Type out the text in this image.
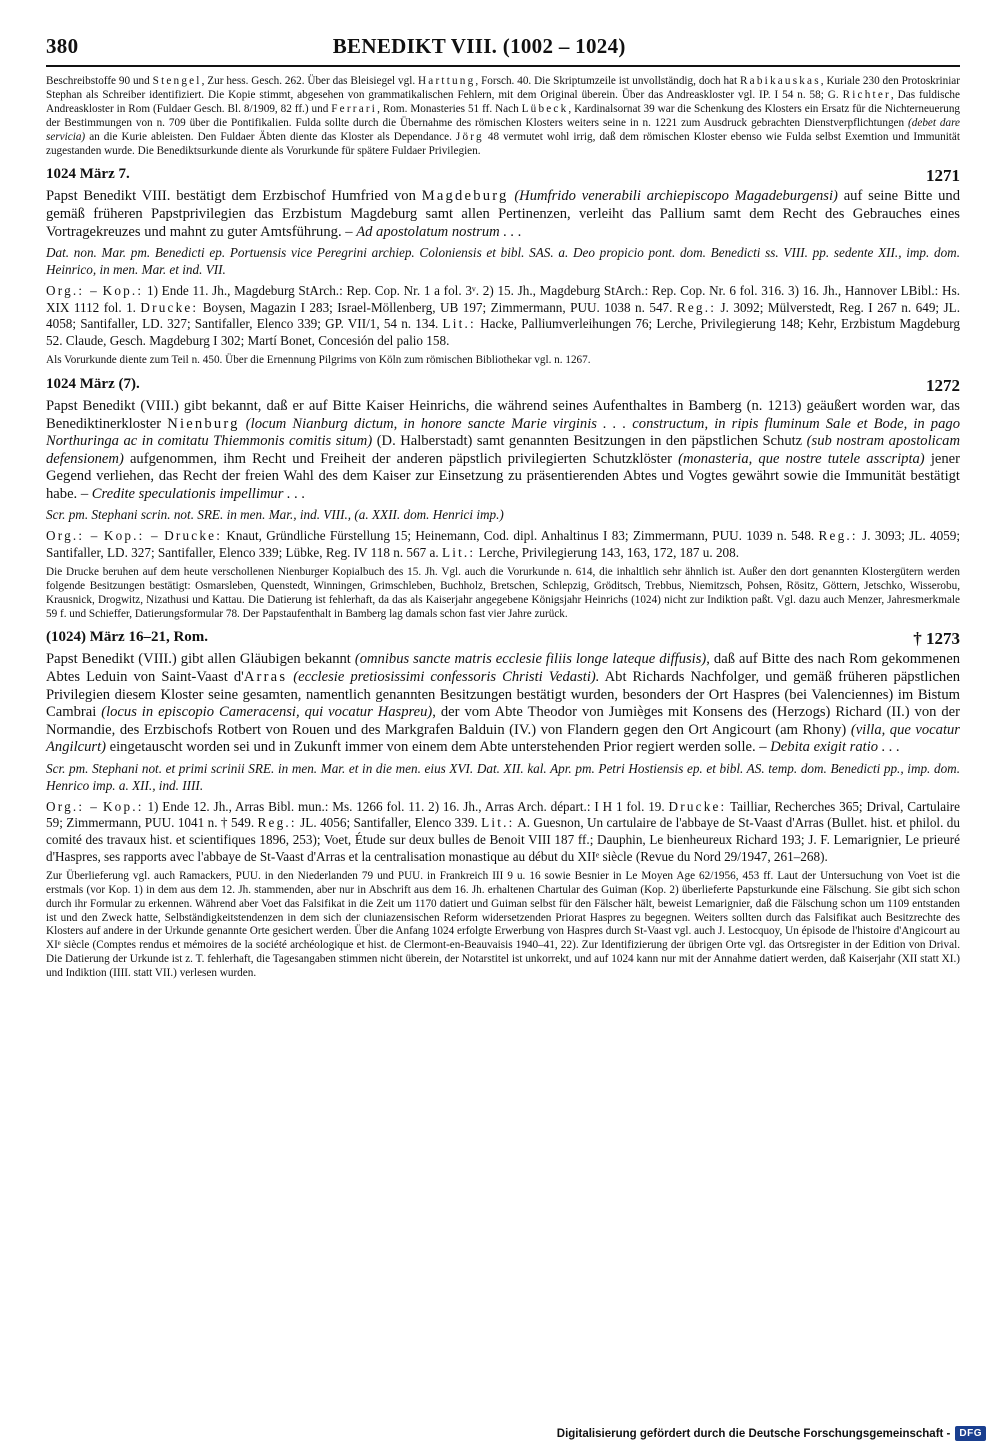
380	BENEDIKT VIII. (1002 – 1024)

Beschreibstoffe 90 und Stengel, Zur hess. Gesch. 262. Über das Bleisiegel vgl. Harttung, Forsch. 40. Die Skriptumzeile ist unvollständig, doch hat Rabikauskas, Kuriale 230 den Protoskriniar Stephan als Schreiber identifiziert. Die Kopie stimmt, abgesehen von grammatikalischen Fehlern, mit dem Original überein. Über das Andreaskloster vgl. IP. I 54 n. 58; G. Richter, Das fuldische Andreaskloster in Rom (Fuldaer Gesch. Bl. 8/1909, 82 ff.) und Ferrari, Rom. Monasteries 51 ff. Nach Lübeck, Kardinalsornat 39 war die Schenkung des Klosters ein Ersatz für die Nichterneuerung der Bestimmungen von n. 709 über die Pontifikalien. Fulda sollte durch die Übernahme des römischen Klosters weiters seine in n. 1221 zum Ausdruck gebrachten Dienstverpflichtungen (debet dare servicia) an die Kurie ableisten. Den Fuldaer Äbten diente das Kloster als Dependance. Jörg 48 vermutet wohl irrig, daß dem römischen Kloster ebenso wie Fulda selbst Exemtion und Immunität zugestanden wurde. Die Benediktsurkunde diente als Vorurkunde für spätere Fuldaer Privilegien.

1024 März 7.	1271

Papst Benedikt VIII. bestätigt dem Erzbischof Humfried von Magdeburg (Humfrido venerabili archiepiscopo Magadeburgensi) auf seine Bitte und gemäß früheren Papstprivilegien das Erzbistum Magdeburg samt allen Pertinenzen, verleiht das Pallium samt dem Recht des Gebrauches eines Vortragekreuzes und mahnt zu guter Amtsführung. – Ad apostolatum nostrum . . .

Dat. non. Mar. pm. Benedicti ep. Portuensis vice Peregrini archiep. Coloniensis et bibl. SAS. a. Deo propicio pont. dom. Benedicti ss. VIII. pp. sedente XII., imp. dom. Heinrico, in men. Mar. et ind. VII.

Org.: – Kop.: 1) Ende 11. Jh., Magdeburg StArch.: Rep. Cop. Nr. 1 a fol. 3ᵛ. 2) 15. Jh., Magdeburg StArch.: Rep. Cop. Nr. 6 fol. 316. 3) 16. Jh., Hannover LBibl.: Hs. XIX 1112 fol. 1. Drucke: Boysen, Magazin I 283; Israel-Möllenberg, UB 197; Zimmermann, PUU. 1038 n. 547. Reg.: J. 3092; Mülverstedt, Reg. I 267 n. 649; JL. 4058; Santifaller, LD. 327; Santifaller, Elenco 339; GP. VII/1, 54 n. 134. Lit.: Hacke, Palliumverleihungen 76; Lerche, Privilegierung 148; Kehr, Erzbistum Magdeburg 52. Claude, Gesch. Magdeburg I 302; Martí Bonet, Concesión del palio 158.

Als Vorurkunde diente zum Teil n. 450. Über die Ernennung Pilgrims von Köln zum römischen Bibliothekar vgl. n. 1267.

1024 März (7).	1272

Papst Benedikt (VIII.) gibt bekannt, daß er auf Bitte Kaiser Heinrichs, die während seines Aufenthaltes in Bamberg (n. 1213) geäußert worden war, das Benediktinerkloster Nienburg (locum Nianburg dictum, in honore sancte Marie virginis . . . constructum, in ripis fluminum Sale et Bode, in pago Northuringa ac in comitatu Thiemmonis comitis situm) (D. Halberstadt) samt genannten Besitzungen in den päpstlichen Schutz (sub nostram apostolicam defensionem) aufgenommen, ihm Recht und Freiheit der anderen päpstlich privilegierten Schutzklöster (monasteria, que nostre tutele asscripta) jener Gegend verliehen, das Recht der freien Wahl des dem Kaiser zur Einsetzung zu präsentierenden Abtes und Vogtes gewährt sowie die Immunität bestätigt habe. – Credite speculationis impellimur . . .

Scr. pm. Stephani scrin. not. SRE. in men. Mar., ind. VIII., (a. XXII. dom. Henrici imp.)

Org.: – Kop.: – Drucke: Knaut, Gründliche Fürstellung 15; Heinemann, Cod. dipl. Anhaltinus I 83; Zimmermann, PUU. 1039 n. 548. Reg.: J. 3093; JL. 4059; Santifaller, LD. 327; Santifaller, Elenco 339; Lübke, Reg. IV 118 n. 567 a. Lit.: Lerche, Privilegierung 143, 163, 172, 187 u. 208.

Die Drucke beruhen auf dem heute verschollenen Nienburger Kopialbuch des 15. Jh. Vgl. auch die Vorurkunde n. 614, die inhaltlich sehr ähnlich ist. Außer den dort genannten Klostergütern werden folgende Besitzungen bestätigt: Osmarsleben, Quenstedt, Winningen, Grimschleben, Buchholz, Bretschen, Schlepzig, Gröditsch, Trebbus, Niemitzsch, Pohsen, Rösitz, Göttern, Jetschko, Wisserobu, Krausnick, Drogwitz, Nizathusi und Kattau. Die Datierung ist fehlerhaft, da das als Kaiserjahr angegebene Königsjahr Heinrichs (1024) nicht zur Indiktion paßt. Vgl. dazu auch Menzer, Jahresmerkmale 59 f. und Schieffer, Datierungsformular 78. Der Papstaufenthalt in Bamberg lag damals schon fast vier Jahre zurück.

(1024) März 16–21, Rom.	† 1273

Papst Benedikt (VIII.) gibt allen Gläubigen bekannt (omnibus sancte matris ecclesie filiis longe lateque diffusis), daß auf Bitte des nach Rom gekommenen Abtes Leduin von Saint-Vaast d'Arras (ecclesie pretiosissimi confessoris Christi Vedasti). Abt Richards Nachfolger, und gemäß früheren päpstlichen Privilegien diesem Kloster seine gesamten, namentlich genannten Besitzungen bestätigt wurden, besonders der Ort Haspres (bei Valenciennes) im Bistum Cambrai (locus in episcopio Cameracensi, qui vocatur Haspreu), der vom Abte Theodor von Jumièges mit Konsens des (Herzogs) Richard (II.) von der Normandie, des Erzbischofs Rotbert von Rouen und des Markgrafen Balduin (IV.) von Flandern gegen den Ort Angicourt (am Rhony) (villa, que vocatur Angilcurt) eingetauscht worden sei und in Zukunft immer von einem dem Abte unterstehenden Prior regiert werden solle. – Debita exigit ratio . . .

Scr. pm. Stephani not. et primi scrinii SRE. in men. Mar. et in die men. eius XVI. Dat. XII. kal. Apr. pm. Petri Hostiensis ep. et bibl. AS. temp. dom. Benedicti pp., imp. dom. Henrico imp. a. XII., ind. IIII.

Org.: – Kop.: 1) Ende 12. Jh., Arras Bibl. mun.: Ms. 1266 fol. 11. 2) 16. Jh., Arras Arch. départ.: I H 1 fol. 19. Drucke: Tailliar, Recherches 365; Drival, Cartulaire 59; Zimmermann, PUU. 1041 n. † 549. Reg.: JL. 4056; Santifaller, Elenco 339. Lit.: A. Guesnon, Un cartulaire de l'abbaye de St-Vaast d'Arras (Bullet. hist. et philol. du comité des travaux hist. et scientifiques 1896, 253); Voet, Étude sur deux bulles de Benoit VIII 187 ff.; Dauphin, Le bienheureux Richard 193; J. F. Lemarignier, Le prieuré d'Haspres, ses rapports avec l'abbaye de St-Vaast d'Arras et la centralisation monastique au début du XIIᵉ siècle (Revue du Nord 29/1947, 261–268).

Zur Überlieferung vgl. auch Ramackers, PUU. in den Niederlanden 79 und PUU. in Frankreich III 9 u. 16 sowie Besnier in Le Moyen Age 62/1956, 453 ff. Laut der Untersuchung von Voet ist die erstmals (vor Kop. 1) in dem aus dem 12. Jh. stammenden, aber nur in Abschrift aus dem 16. Jh. erhaltenen Chartular des Guiman (Kop. 2) überlieferte Papsturkunde eine Fälschung. Sie gibt sich schon durch ihr Formular zu erkennen. Während aber Voet das Falsifikat in die Zeit um 1170 datiert und Guiman selbst für den Fälscher hält, beweist Lemarignier, daß die Fälschung schon um 1109 entstanden ist und den Zweck hatte, Selbständigkeitstendenzen in dem sich der cluniazensischen Reform widersetzenden Priorat Haspres zu begegnen. Weiters sollten durch das Falsifikat auch Besitzrechte des Klosters auf andere in der Urkunde genannte Orte gesichert werden. Über die Anfang 1024 erfolgte Erwerbung von Haspres durch St-Vaast vgl. auch J. Lestocquoy, Un épisode de l'histoire d'Angicourt au XIᵉ siècle (Comptes rendus et mémoires de la société archéologique et hist. de Clermont-en-Beauvaisis 1940–41, 22). Zur Identifizierung der übrigen Orte vgl. das Ortsregister in der Edition von Drival. Die Datierung der Urkunde ist z. T. fehlerhaft, die Tagesangaben stimmen nicht überein, der Notarstitel ist unkorrekt, und auf 1024 kann nur mit der Annahme datiert werden, daß Kaiserjahr (XII statt XI.) und Indiktion (IIII. statt VII.) verlesen wurden.

Digitalisierung gefördert durch die Deutsche Forschungsgemeinschaft - DFG
